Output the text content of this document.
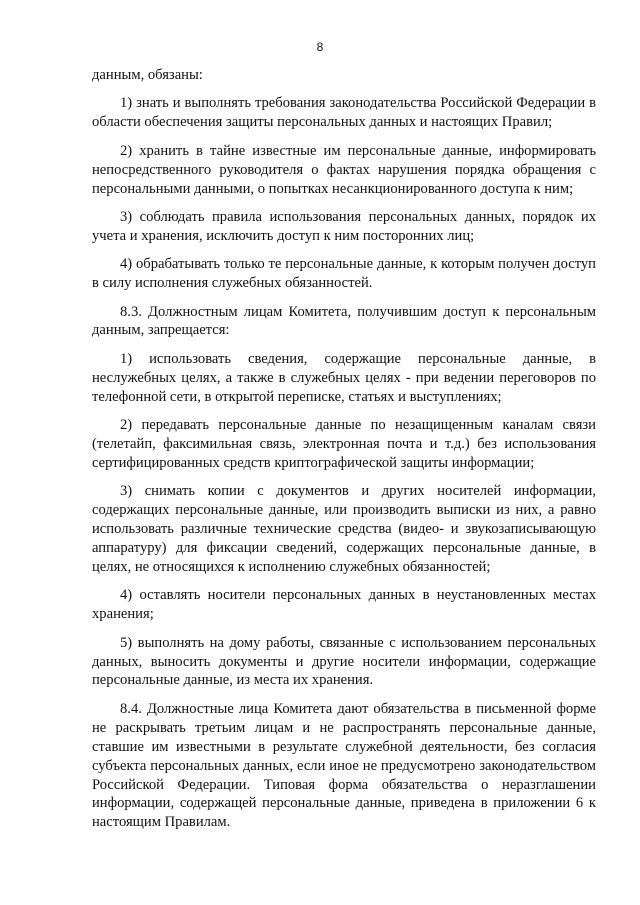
8

данным, обязаны:

1) знать и выполнять требования законодательства Российской Федерации в области обеспечения защиты персональных данных и настоящих Правил;

2) хранить в тайне известные им персональные данные, информировать непосредственного руководителя о фактах нарушения порядка обращения с персональными данными, о попытках несанкционированного доступа к ним;

3) соблюдать правила использования персональных данных, порядок их учета и хранения, исключить доступ к ним посторонних лиц;

4) обрабатывать только те персональные данные, к которым получен доступ в силу исполнения служебных обязанностей.

8.3. Должностным лицам Комитета, получившим доступ к персональным данным, запрещается:

1) использовать сведения, содержащие персональные данные, в неслужебных целях, а также в служебных целях - при ведении переговоров по телефонной сети, в открытой переписке, статьях и выступлениях;

2) передавать персональные данные по незащищенным каналам связи (телетайп, факсимильная связь, электронная почта и т.д.) без использования сертифицированных средств криптографической защиты информации;

3) снимать копии с документов и других носителей информации, содержащих персональные данные, или производить выписки из них, а равно использовать различные технические средства (видео- и звукозаписывающую аппаратуру) для фиксации сведений, содержащих персональные данные, в целях, не относящихся к исполнению служебных обязанностей;

4) оставлять носители персональных данных в неустановленных местах хранения;

5) выполнять на дому работы, связанные с использованием персональных данных, выносить документы и другие носители информации, содержащие персональные данные, из места их хранения.

8.4. Должностные лица Комитета дают обязательства в письменной форме не раскрывать третьим лицам и не распространять персональные данные, ставшие им известными в результате служебной деятельности, без согласия субъекта персональных данных, если иное не предусмотрено законодательством Российской Федерации. Типовая форма обязательства о неразглашении информации, содержащей персональные данные, приведена в приложении 6 к настоящим Правилам.
